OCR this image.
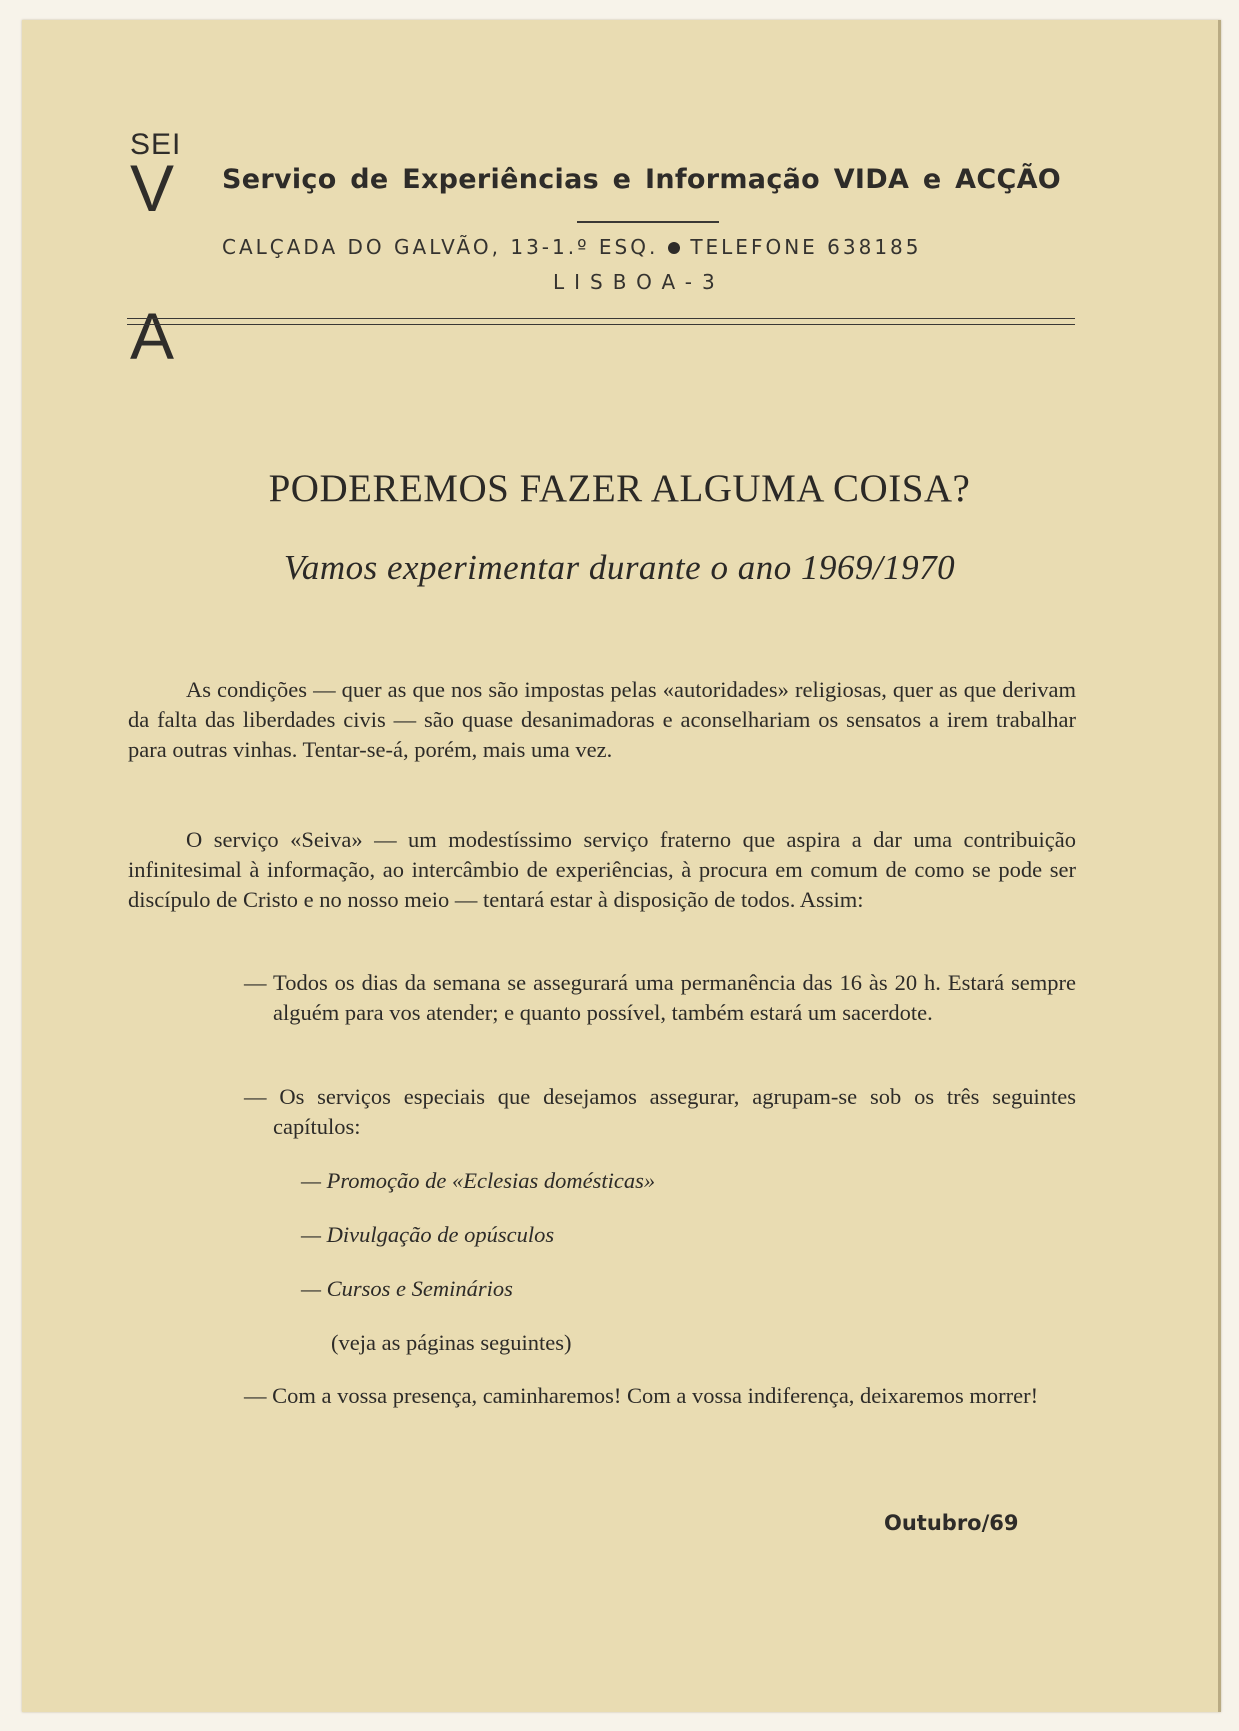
SEI
V
A
Serviço de Experiências e Informação VIDA e ACÇÃO
CALÇADA DO GALVÃO, 13-1.º ESQ. TELEFONE 638185
LISBOA-3
PODEREMOS FAZER ALGUMA COISA?
Vamos experimentar durante o ano 1969/1970
As condições — quer as que nos são impostas pelas «autoridades» religiosas, quer as que derivam da falta das liberdades civis — são quase desanimadoras e aconselhariam os sensatos a irem trabalhar para outras vinhas. Tentar-se-á, porém, mais uma vez.
O serviço «Seiva» — um modestíssimo serviço fraterno que aspira a dar uma contribuição infinitesimal à informação, ao intercâmbio de experiências, à procura em comum de como se pode ser discípulo de Cristo e no nosso meio — tentará estar à disposição de todos. Assim:
— Todos os dias da semana se assegurará uma permanência das 16 às 20 h. Estará sempre alguém para vos atender; e quanto possível, também estará um sacerdote.
— Os serviços especiais que desejamos assegurar, agrupam-se sob os três seguintes capítulos:
— Promoção de «Eclesias domésticas»
— Divulgação de opúsculos
— Cursos e Seminários
(veja as páginas seguintes)
— Com a vossa presença, caminharemos! Com a vossa indiferença, deixaremos morrer!
Outubro/69
